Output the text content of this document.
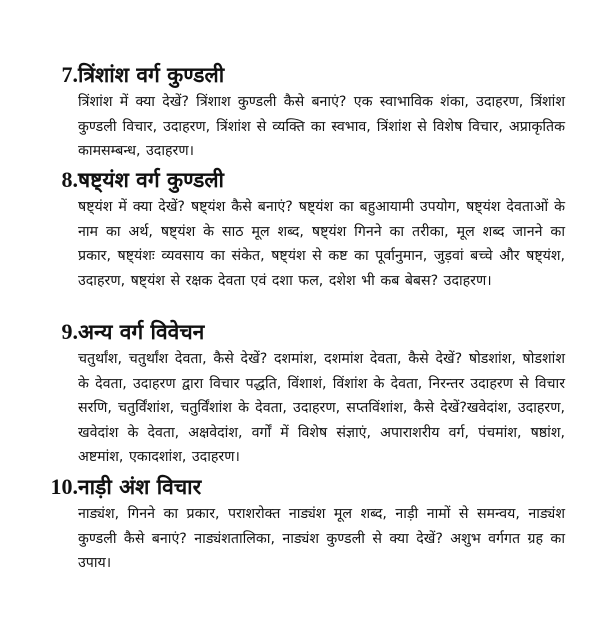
7. त्रिंशांश वर्ग कुण्डली
त्रिंशांश में क्या देखें? त्रिंशाश कुण्डली कैसे बनाएं? एक स्वाभाविक शंका, उदाहरण, त्रिंशांश कुण्डली विचार, उदाहरण, त्रिंशांश से व्यक्ति का स्वभाव, त्रिंशांश से विशेष विचार, अप्राकृतिक कामसम्बन्ध, उदाहरण।
8. षष्ट्यंश वर्ग कुण्डली
षष्ट्यंश में क्या देखें? षष्ट्यंश कैसे बनाएं? षष्ट्यंश का बहुआयामी उपयोग, षष्ट्यंश देवताओं के नाम का अर्थ, षष्ट्यंश के साठ मूल शब्द, षष्ट्यंश गिनने का तरीका, मूल शब्द जानने का प्रकार, षष्ट्यंशः व्यवसाय का संकेत, षष्ट्यंश से कष्ट का पूर्वानुमान, जुड़वां बच्चे और षष्ट्यंश, उदाहरण, षष्ट्यंश से रक्षक देवता एवं दशा फल, दशेश भी कब बेबस? उदाहरण।
9. अन्य वर्ग विवेचन
चतुर्थांश, चतुर्थांश देवता, कैसे देखें? दशमांश, दशमांश देवता, कैसे देखें? षोडशांश, षोडशांश के देवता, उदाहरण द्वारा विचार पद्धति, विंशाशं, विंशांश के देवता, निरन्तर उदाहरण से विचार सरणि, चतुर्विंशांश, चतुर्विंशांश के देवता, उदाहरण, सप्तविंशांश, कैसे देखें?खवेदांश, उदाहरण, खवेदांश के देवता, अक्षवेदांश, वर्गों में विशेष संज्ञाएं, अपाराशरीय वर्ग, पंचमांश, षष्ठांश, अष्टमांश, एकादशांश, उदाहरण।
10. नाड़ी अंश विचार
नाड्यंश, गिनने का प्रकार, पराशरोक्त नाड्यंश मूल शब्द, नाड़ी नामों से समन्वय, नाड्यंश कुण्डली कैसे बनाएं? नाड्यंशतालिका, नाड्यंश कुण्डली से क्या देखें? अशुभ वर्गगत ग्रह का उपाय।
